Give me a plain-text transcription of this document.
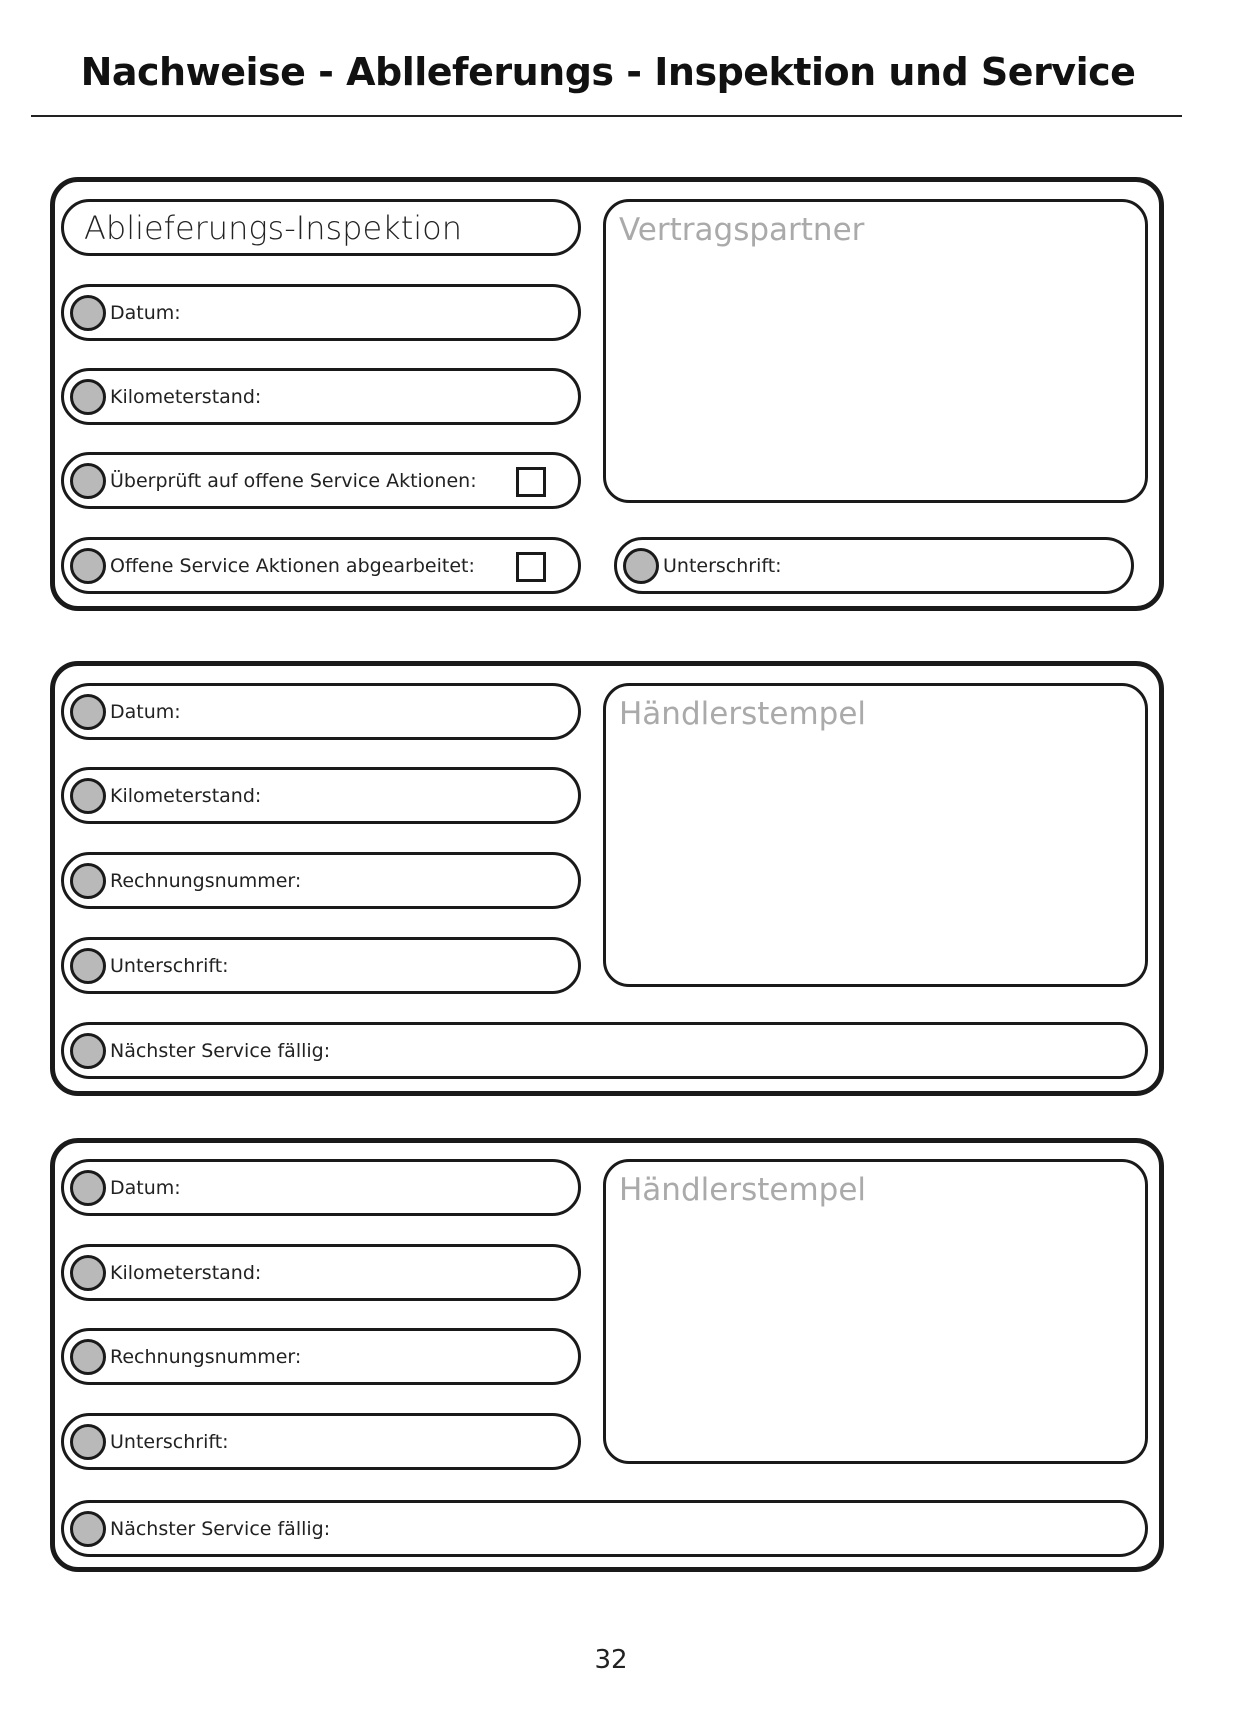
Nachweise - Ablleferungs - Inspektion und Service
Ablieferungs-Inspektion
Datum:
Kilometerstand:
Überprüft auf offene Service Aktionen:
Offene Service Aktionen abgearbeitet:
Vertragspartner
Unterschrift:
Datum:
Kilometerstand:
Rechnungsnummer:
Unterschrift:
Händlerstempel
Nächster Service fällig:
Datum:
Kilometerstand:
Rechnungsnummer:
Unterschrift:
Händlerstempel
Nächster Service fällig:
32
